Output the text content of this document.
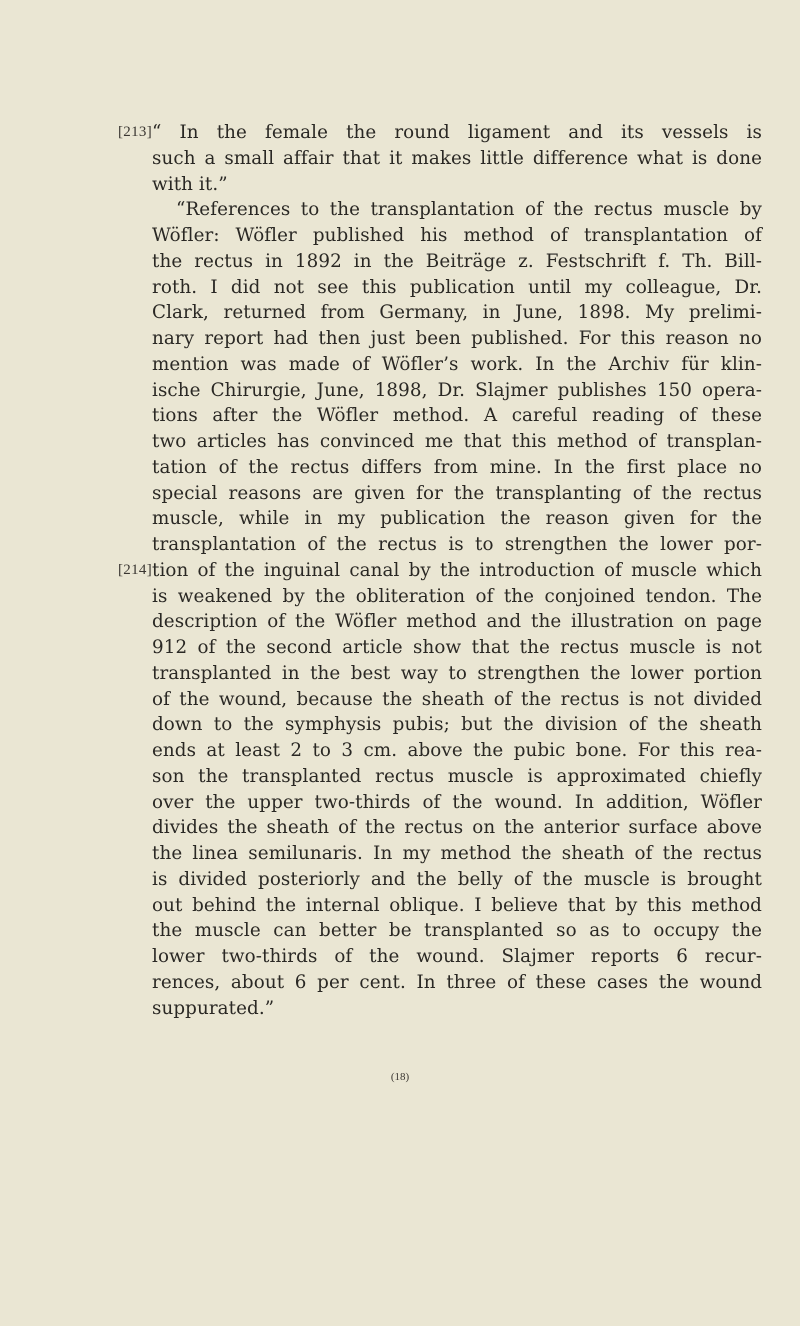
[213]
[214]
“ In the female the round ligament and its vessels is
such a small affair that it makes little difference what is done
with it.”
“References to the transplantation of the rectus muscle by
Wöfler: Wöfler published his method of transplantation of
the rectus in 1892 in the Beiträge z. Festschrift f. Th. Bill-
roth. I did not see this publication until my colleague, Dr.
Clark, returned from Germany, in June, 1898. My prelimi-
nary report had then just been published. For this reason no
mention was made of Wöfler’s work. In the Archiv für klin-
ische Chirurgie, June, 1898, Dr. Slajmer publishes 150 opera-
tions after the Wöfler method. A careful reading of these
two articles has convinced me that this method of transplan-
tation of the rectus differs from mine. In the first place no
special reasons are given for the transplanting of the rectus
muscle, while in my publication the reason given for the
transplantation of the rectus is to strengthen the lower por-
tion of the inguinal canal by the introduction of muscle which
is weakened by the obliteration of the conjoined tendon. The
description of the Wöfler method and the illustration on page
912 of the second article show that the rectus muscle is not
transplanted in the best way to strengthen the lower portion
of the wound, because the sheath of the rectus is not divided
down to the symphysis pubis; but the division of the sheath
ends at least 2 to 3 cm. above the pubic bone. For this rea-
son the transplanted rectus muscle is approximated chiefly
over the upper two-thirds of the wound. In addition, Wöfler
divides the sheath of the rectus on the anterior surface above
the linea semilunaris. In my method the sheath of the rectus
is divided posteriorly and the belly of the muscle is brought
out behind the internal oblique. I believe that by this method
the muscle can better be transplanted so as to occupy the
lower two-thirds of the wound. Slajmer reports 6 recur-
rences, about 6 per cent. In three of these cases the wound
suppurated.”
(18)
